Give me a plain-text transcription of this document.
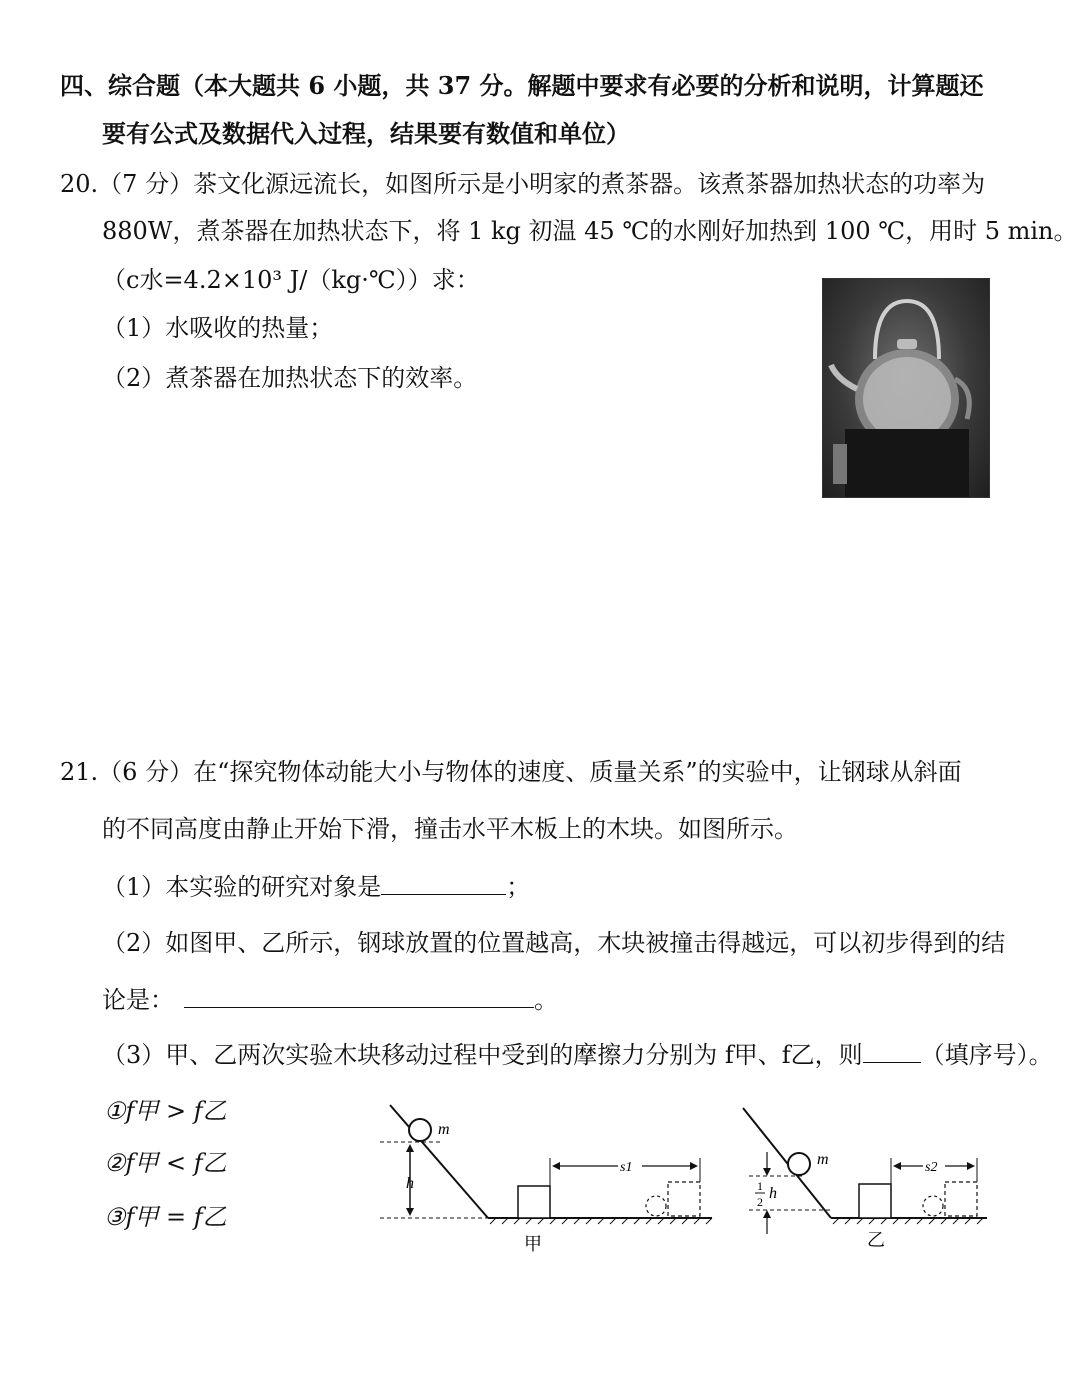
四、综合题（本大题共 6 小题，共 37 分。解题中要求有必要的分析和说明，计算题还
要有公式及数据代入过程，结果要有数值和单位）
20.（7 分）茶文化源远流长，如图所示是小明家的煮茶器。该煮茶器加热状态的功率为
880W，煮茶器在加热状态下，将 1 kg 初温 45 ℃的水刚好加热到 100 ℃，用时 5 min。
（c水=4.2×10³ J/（kg·℃））求：
（1）水吸收的热量；
（2）煮茶器在加热状态下的效率。
21.（6 分）在“探究物体动能大小与物体的速度、质量关系”的实验中，让钢球从斜面
的不同高度由静止开始下滑，撞击水平木板上的木块。如图所示。
（1）本实验的研究对象是	；
（2）如图甲、乙所示，钢球放置的位置越高，木块被撞击得越远，可以初步得到的结
论是：	。
（3）甲、乙两次实验木块移动过程中受到的摩擦力分别为 f甲、f乙，则 （填序号）。
①f甲 > f乙
②f甲 < f乙
③f甲 = f乙
m
h
s1
甲
m
1
2 h
s2
乙
